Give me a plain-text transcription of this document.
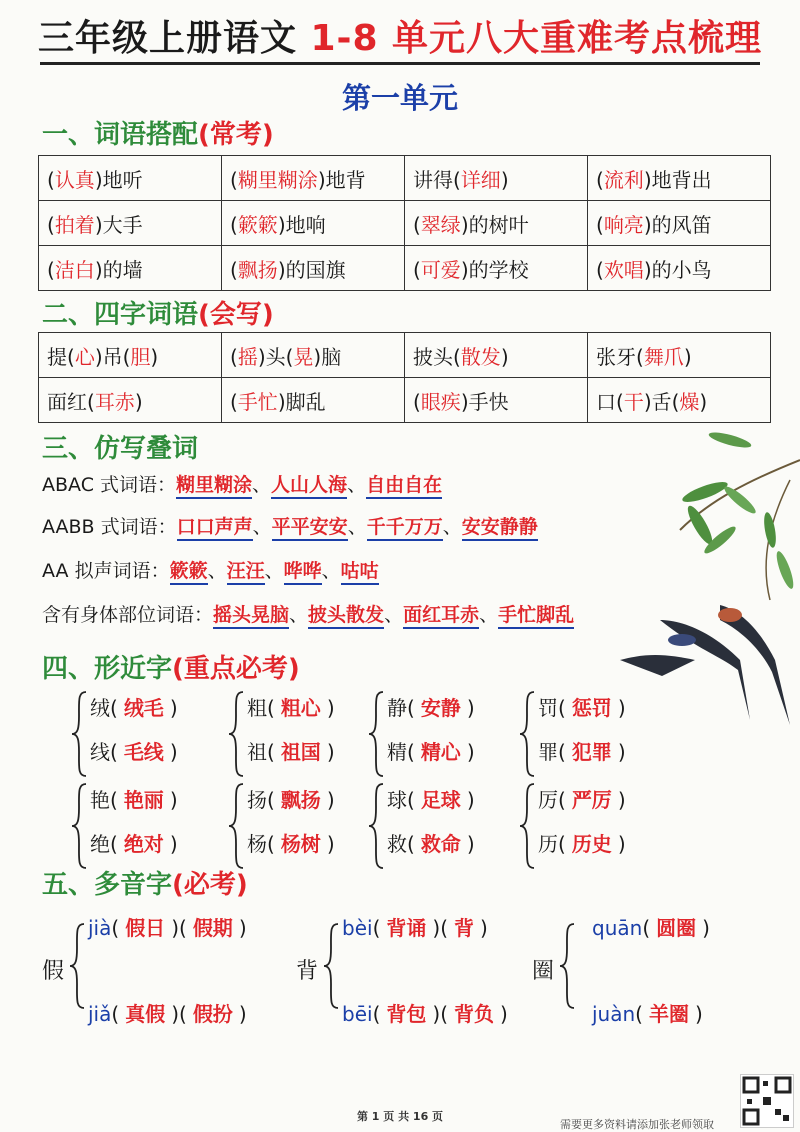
三年级上册语文 1-8 单元八大重难考点梳理
第一单元
一、词语搭配(常考)
(认真)地听	(糊里糊涂)地背	讲得(详细)	(流利)地背出
(拍着)大手	(簌簌)地响	(翠绿)的树叶	(响亮)的风笛
(洁白)的墙	(飘扬)的国旗	(可爱)的学校	(欢唱)的小鸟
二、四字词语(会写)
提(心)吊(胆)	(摇)头(晃)脑	披头(散发)	张牙(舞爪)
面红(耳赤)	(手忙)脚乱	(眼疾)手快	口(干)舌(燥)
三、仿写叠词
ABAC 式词语：糊里糊涂、人山人海、自由自在
AABB 式词语：口口声声、平平安安、千千万万、安安静静
AA 拟声词语：簌簌、汪汪、哗哗、咕咕
含有身体部位词语：摇头晃脑、披头散发、面红耳赤、手忙脚乱
四、形近字(重点必考)
绒( 绒毛 )
线( 毛线 )
粗( 粗心 )
祖( 祖国 )
静( 安静 )
精( 精心 )
罚( 惩罚 )
罪( 犯罪 )
艳( 艳丽 )
绝( 绝对 )
扬( 飘扬 )
杨( 杨树 )
球( 足球 )
救( 救命 )
厉( 严厉 )
历( 历史 )
五、多音字(必考)
假
jià( 假日 )( 假期 )
jiǎ( 真假 )( 假扮 )
背
bèi( 背诵 )( 背 )
bēi( 背包 )( 背负 )
圈
quān( 圆圈 )
juàn( 羊圈 )
第 1 页 共 16 页
需要更多资料请添加张老师领取
